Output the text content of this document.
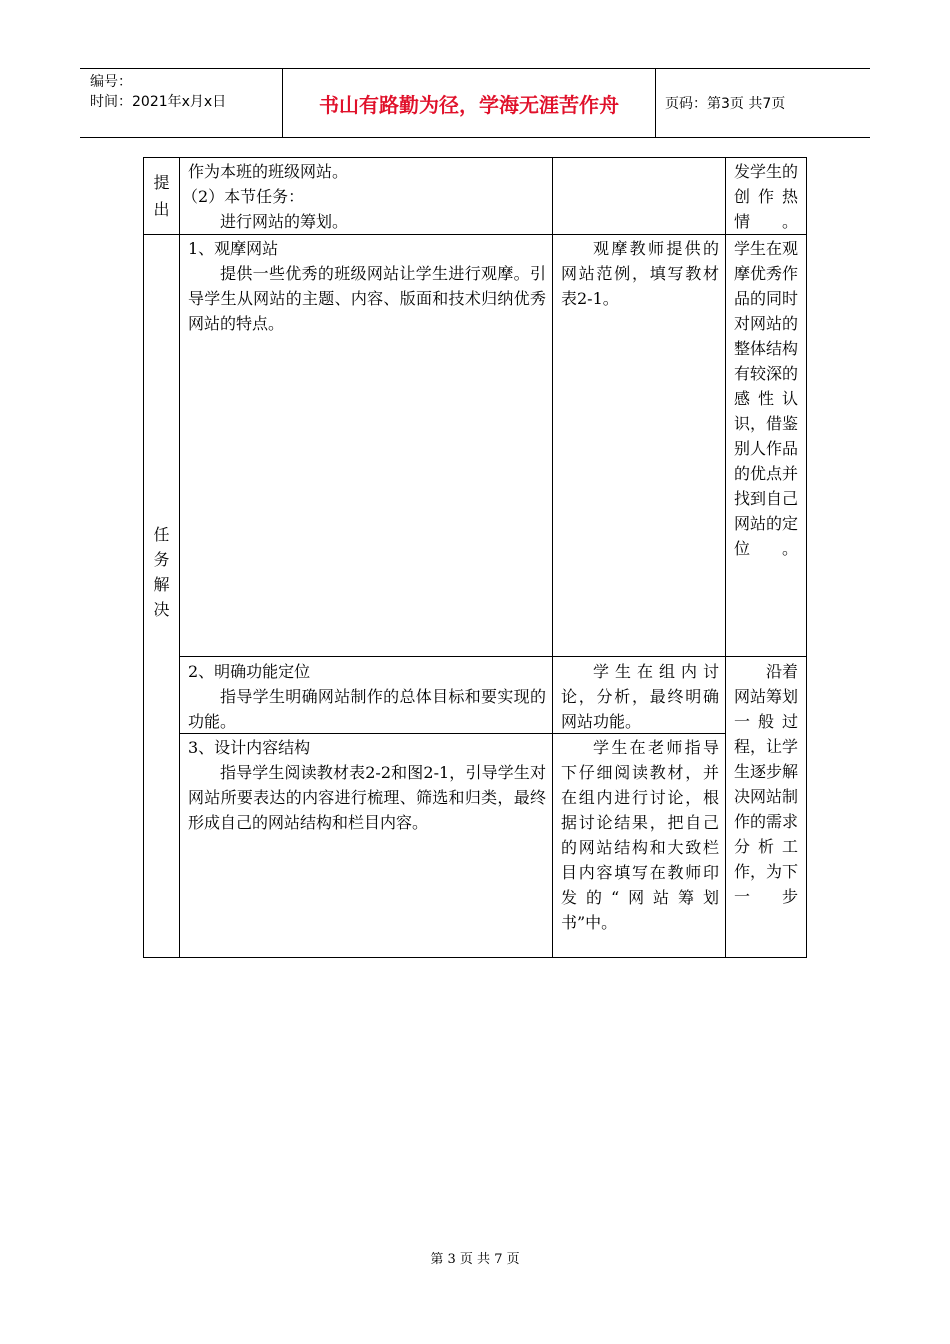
编号：
时间：2021年x月x日	书山有路勤为径，学海无涯苦作舟	页码：第3页 共7页
提出

作为本班的班级网站。

（2）本节任务：

进行网站的筹划。

发学生的创作热情。
任务解决

1、观摩网站

提供一些优秀的班级网站让学生进行观摩。引导学生从网站的主题、内容、版面和技术归纳优秀网站的特点。

观摩教师提供的网站范例，填写教材表2-1。

学生在观摩优秀作品的同时对网站的整体结构有较深的感性认识，借鉴别人作品的优点并找到自己网站的定位。

2、明确功能定位

指导学生明确网站制作的总体目标和要实现的功能。

学生在组内讨论，分析，最终明确网站功能。

3、设计内容结构

指导学生阅读教材表2-2和图2-1，引导学生对网站所要表达的内容进行梳理、筛选和归类，最终形成自己的网站结构和栏目内容。

学生在老师指导下仔细阅读教材，并在组内进行讨论，根据讨论结果，把自己的网站结构和大致栏目内容填写在教师印发的“网站筹划书”中。

沿着网站筹划一般过程，让学生逐步解决网站制作的需求分析工作，为下一步

第 3 页 共 7 页
